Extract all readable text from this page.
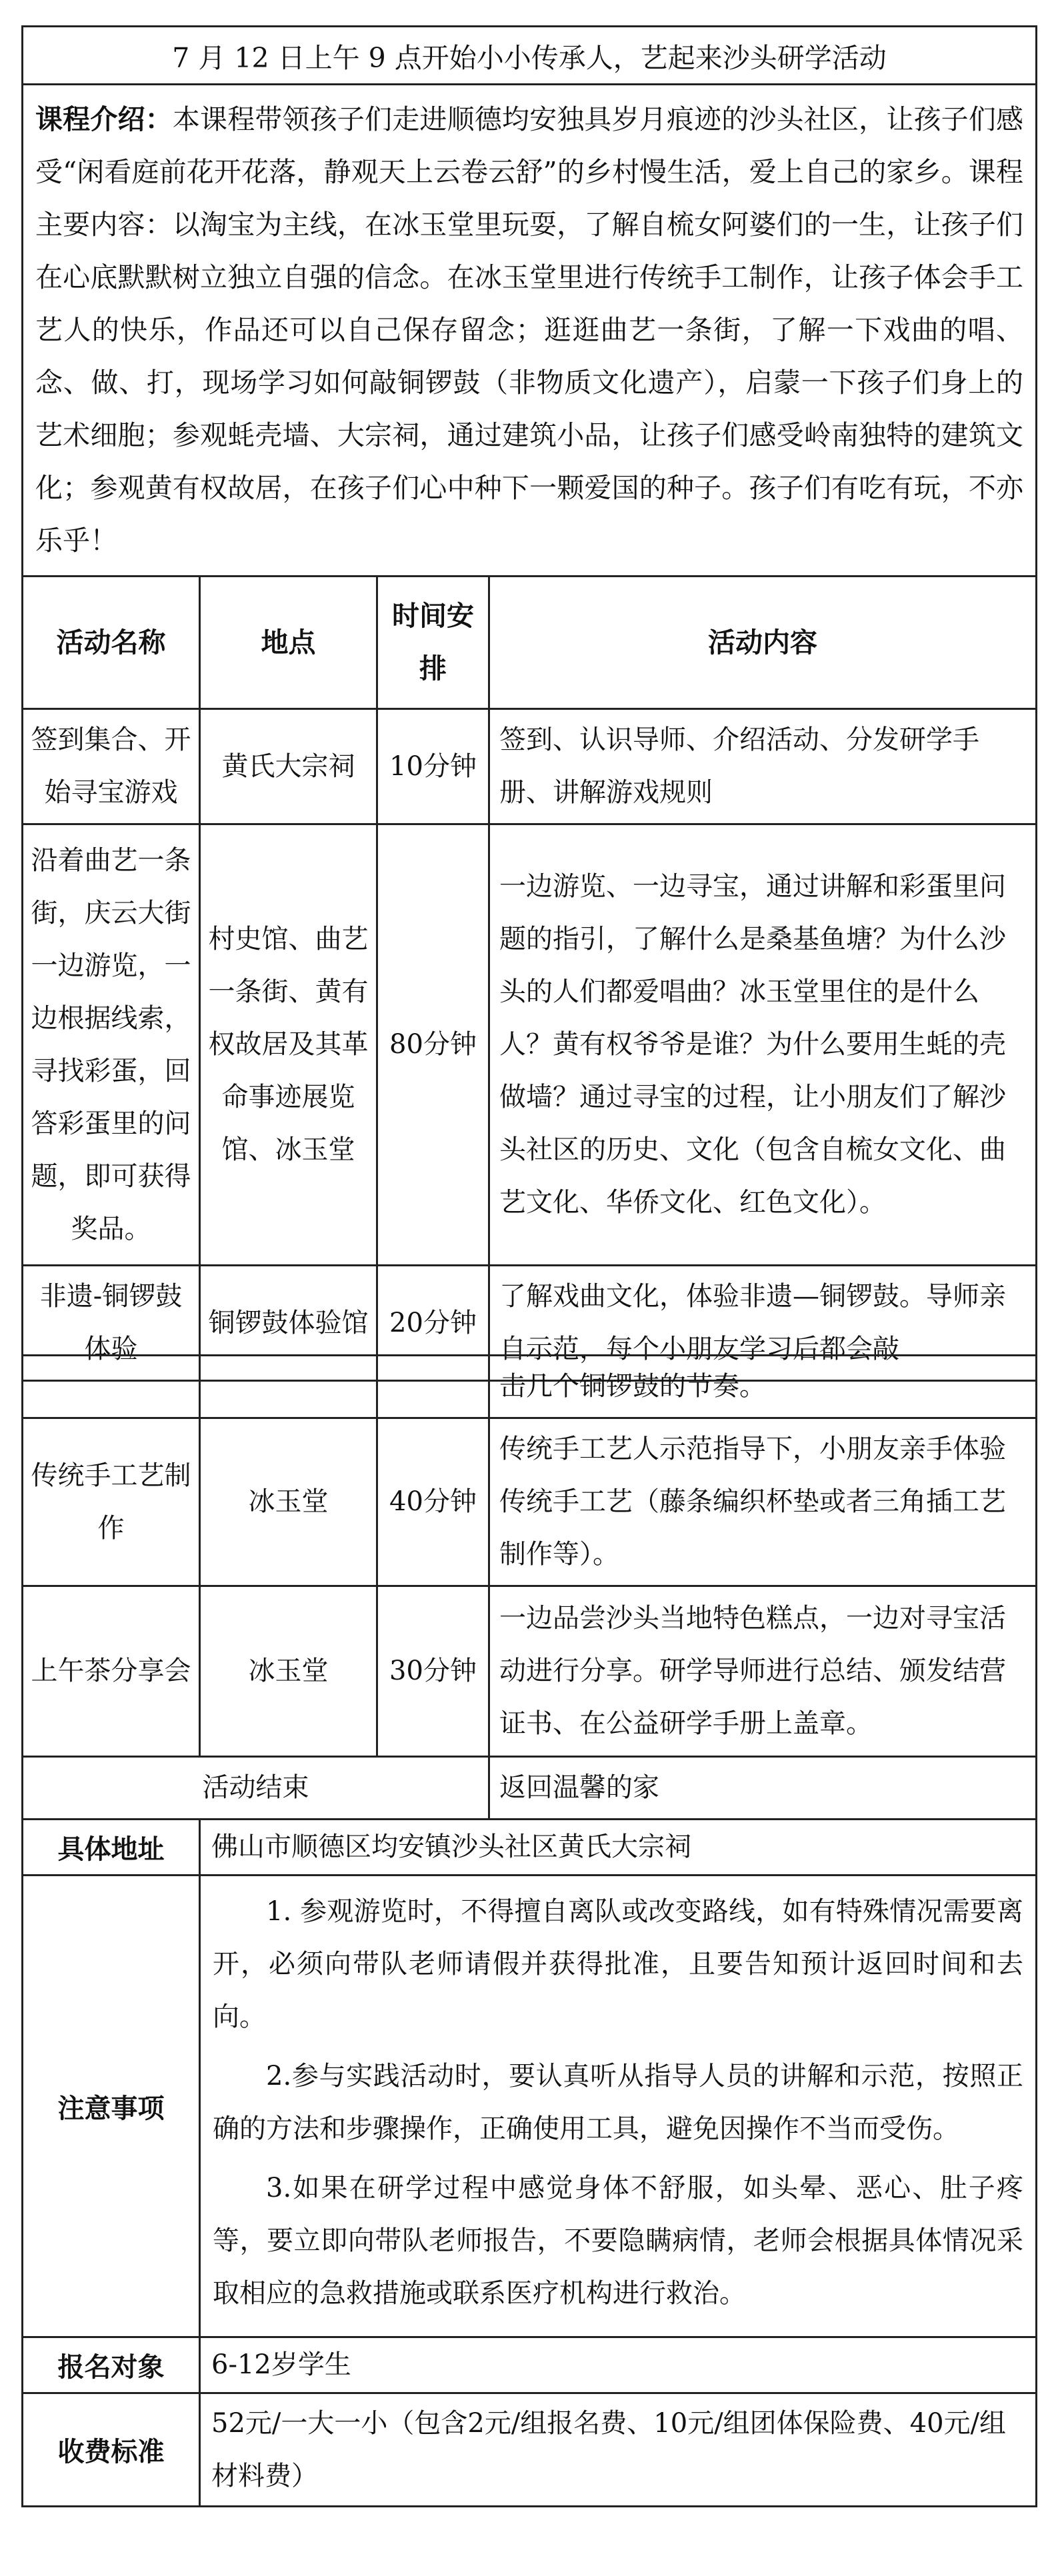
7 月 12 日上午 9 点开始小小传承人，艺起来沙头研学活动			
课程介绍：本课程带领孩子们走进顺德均安独具岁月痕迹的沙头社区，让孩子们感受“闲看庭前花开花落，静观天上云卷云舒”的乡村慢生活，爱上自己的家乡。课程主要内容：以淘宝为主线，在冰玉堂里玩耍，了解自梳女阿婆们的一生，让孩子们在心底默默树立独立自强的信念。在冰玉堂里进行传统手工制作，让孩子体会手工艺人的快乐，作品还可以自己保存留念；逛逛曲艺一条街，了解一下戏曲的唱、念、做、打，现场学习如何敲铜锣鼓（非物质文化遗产），启蒙一下孩子们身上的艺术细胞；参观蚝壳墙、大宗祠，通过建筑小品，让孩子们感受岭南独特的建筑文化；参观黄有权故居，在孩子们心中种下一颗爱国的种子。孩子们有吃有玩，不亦乐乎！			
活动名称	地点	时间安排	活动内容
签到集合、开始寻宝游戏	黄氏大宗祠	10分钟	签到、认识导师、介绍活动、分发研学手册、讲解游戏规则
沿着曲艺一条街，庆云大街一边游览，一边根据线索，寻找彩蛋，回答彩蛋里的问题，即可获得奖品。	村史馆、曲艺一条街、黄有权故居及其革命事迹展览馆、冰玉堂	80分钟	一边游览、一边寻宝，通过讲解和彩蛋里问题的指引，了解什么是桑基鱼塘？为什么沙头的人们都爱唱曲？冰玉堂里住的是什么人？黄有权爷爷是谁？为什么要用生蚝的壳做墙？通过寻宝的过程，让小朋友们了解沙头社区的历史、文化（包含自梳女文化、曲艺文化、华侨文化、红色文化）。
非遗-铜锣鼓体验	铜锣鼓体验馆	20分钟	了解戏曲文化，体验非遗—铜锣鼓。导师亲自示范，每个小朋友学习后都会敲
			击几个铜锣鼓的节奏。
传统手工艺制作	冰玉堂	40分钟	传统手工艺人示范指导下，小朋友亲手体验传统手工艺（藤条编织杯垫或者三角插工艺制作等）。
上午茶分享会	冰玉堂	30分钟	一边品尝沙头当地特色糕点，一边对寻宝活动进行分享。研学导师进行总结、颁发结营证书、在公益研学手册上盖章。
活动结束			返回温馨的家
具体地址	佛山市顺德区均安镇沙头社区黄氏大宗祠		
注意事项	1. 参观游览时，不得擅自离队或改变路线，如有特殊情况需要离开，必须向带队老师请假并获得批准，且要告知预计返回时间和去向。

2.参与实践活动时，要认真听从指导人员的讲解和示范，按照正确的方法和步骤操作，正确使用工具，避免因操作不当而受伤。

3.如果在研学过程中感觉身体不舒服，如头晕、恶心、肚子疼等，要立即向带队老师报告，不要隐瞒病情，老师会根据具体情况采取相应的急救措施或联系医疗机构进行救治。		

报名对象	6-12岁学生		
收费标准	52元/一大一小（包含2元/组报名费、10元/组团体保险费、40元/组材料费）		
